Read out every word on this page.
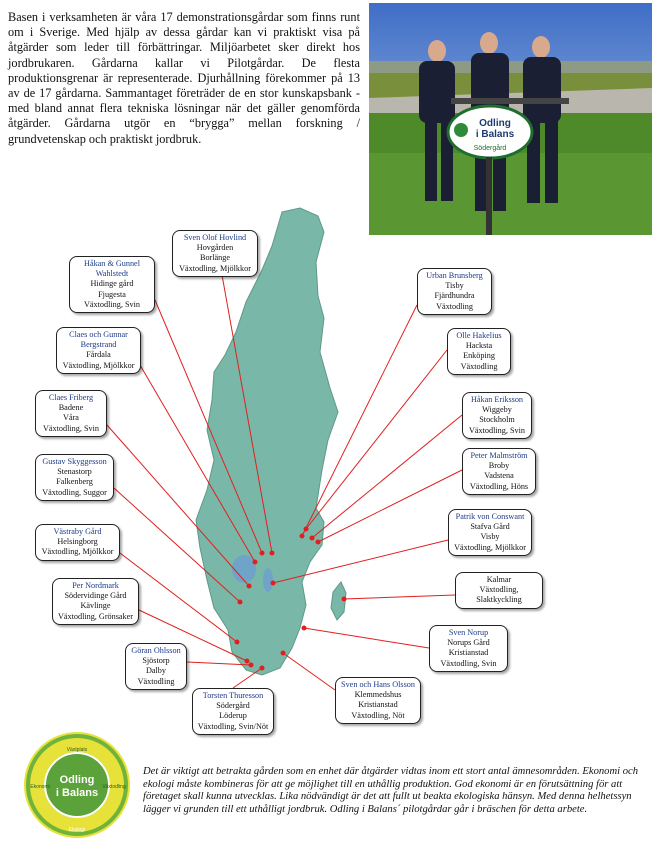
Basen i verksamheten är våra 17 demonstrationsgårdar som finns runt om i Sverige. Med hjälp av dessa gårdar kan vi praktiskt visa på åtgärder som leder till förbättringar. Miljöarbetet sker direkt hos jordbrukaren. Gårdarna kallar vi Pilotgårdar. De flesta produktionsgrenar är representerade. Djurhållning förekommer på 13 av de 17 gårdarna. Sammantaget företräder de en stor kunskapsbank - med bland annat flera tekniska lösningar när det gäller genomförda åtgärder. Gårdarna utgör en “brygga” mellan forskning / grundvetenskap och praktiskt jordbruk.
Odling
i Balans
Södergård
Sven Olof Hovlind
Hovgården
Borlänge
Växtodling, Mjölkkor
Håkan & Gunnel Wahlstedt
Hidinge gård
Fjugesta
Växtodling, Svin
Claes och Gunnar Bergstrand
Fårdala
Växtodling, Mjölkkor
Claes Friberg
Badene
Våra
Växtodling, Svin
Gustav Skyggesson
Stenastorp
Falkenberg
Växtodling, Suggor
Västraby Gård
Helsingborg
Växtodling, Mjölkkor
Per Nordmark
Södervidinge Gård
Kävlinge
Växtodling, Grönsaker
Göran Ohlsson
Sjöstorp
Dalby
Växtodling
Torsten Thuresson
Södergård
Löderup
Växtodling, Svin/Nöt
Urban Brunsberg
Tisby
Fjärdhundra
Växtodling
Olle Hakelius
Hacksta
Enköping
Växtodling
Håkan Eriksson
Wiggeby
Stockholm
Växtodling, Svin
Peter Malmström
Broby
Vadstena
Växtodling, Höns
Patrik von Conswant
Stafva Gård
Visby
Växtodling, Mjölkkor
Kalmar
Växtodling,
Slaktkyckling
Sven Norup
Norups Gård
Kristianstad
Växtodling, Svin
Sven och Hans Olsson
Klemmedshus
Kristianstad
Växtodling, Nöt
Odling
i Balans
Växtplats
Ekologi
Växtodling
Ekonomi
Det är viktigt att betrakta gården som en enhet där åtgärder vidtas inom ett stort antal ämnesområden. Ekonomi och ekologi måste kombineras för att ge möjlighet till en uthållig produktion. God ekonomi är en förutsättning för att företaget skall kunna utvecklas. Lika nödvändigt är det att fullt ut beakta ekologiska hänsyn. Med denna helhetssyn lägger vi grunden till ett uthålligt jordbruk. Odling i Balans´ pilotgårdar går i bräschen för detta arbete.
